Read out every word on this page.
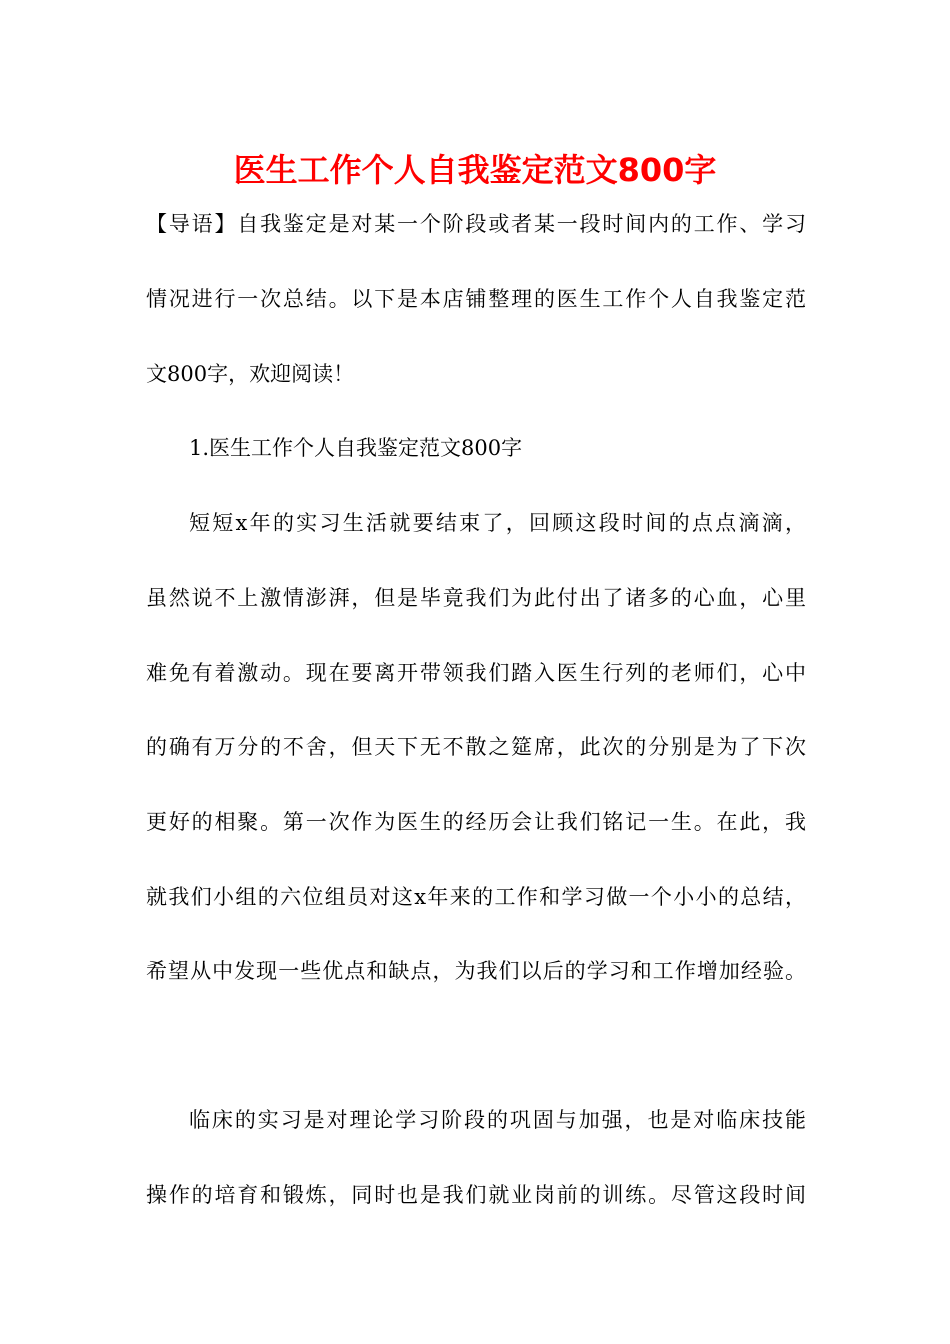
医生工作个人自我鉴定范文800字
【导语】自我鉴定是对某一个阶段或者某一段时间内的工作、学习
情况进行一次总结。以下是本店铺整理的医生工作个人自我鉴定范
文800字，欢迎阅读！
1.医生工作个人自我鉴定范文800字
短短x年的实习生活就要结束了，回顾这段时间的点点滴滴，
虽然说不上激情澎湃，但是毕竟我们为此付出了诸多的心血，心里
难免有着激动。现在要离开带领我们踏入医生行列的老师们，心中
的确有万分的不舍，但天下无不散之筵席，此次的分别是为了下次
更好的相聚。第一次作为医生的经历会让我们铭记一生。在此，我
就我们小组的六位组员对这x年来的工作和学习做一个小小的总结，
希望从中发现一些优点和缺点，为我们以后的学习和工作增加经验。
临床的实习是对理论学习阶段的巩固与加强，也是对临床技能
操作的培育和锻炼，同时也是我们就业岗前的训练。尽管这段时间
